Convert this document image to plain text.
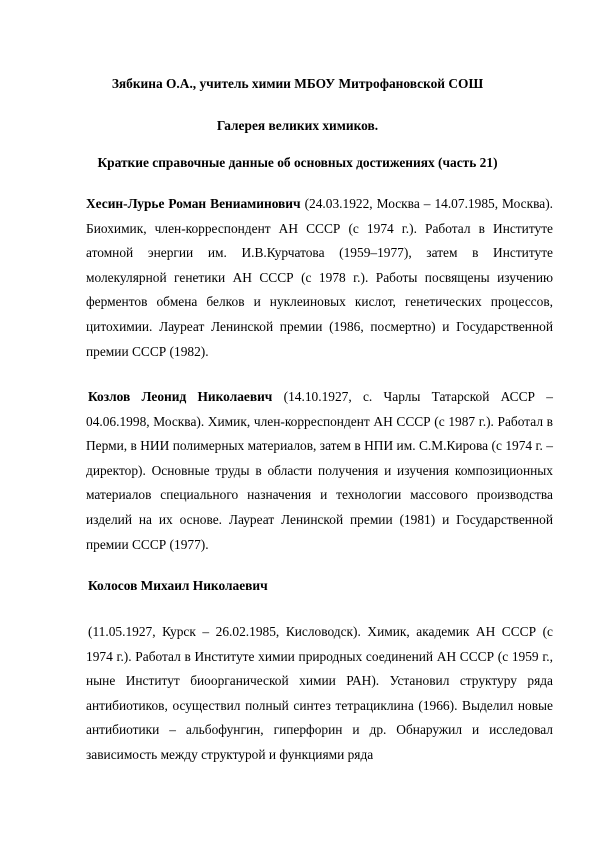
Зябкина О.А., учитель химии МБОУ Митрофановской СОШ
Галерея великих химиков.
Краткие справочные данные об основных достижениях (часть 21)
Хесин-Лурье Роман Вениаминович (24.03.1922, Москва – 14.07.1985, Москва). Биохимик, член-корреспондент АН СССР (с 1974 г.). Работал в Институте атомной энергии им. И.В.Курчатова (1959–1977), затем в Институте молекулярной генетики АН СССР (с 1978 г.). Работы посвящены изучению ферментов обмена белков и нуклеиновых кислот, генетических процессов, цитохимии. Лауреат Ленинской премии (1986, посмертно) и Государственной премии СССР (1982).
Козлов Леонид Николаевич (14.10.1927, с. Чарлы Татарской АССР – 04.06.1998, Москва). Химик, член-корреспондент АН СССР (с 1987 г.). Работал в Перми, в НИИ полимерных материалов, затем в НПИ им. С.М.Кирова (с 1974 г. – директор). Основные труды в области получения и изучения композиционных материалов специального назначения и технологии массового производства изделий на их основе. Лауреат Ленинской премии (1981) и Государственной премии СССР (1977).
Колосов Михаил Николаевич
(11.05.1927, Курск – 26.02.1985, Кисловодск). Химик, академик АН СССР (с 1974 г.). Работал в Институте химии природных соединений АН СССР (с 1959 г., ныне Институт биоорганической химии РАН). Установил структуру ряда антибиотиков, осуществил полный синтез тетрациклина (1966). Выделил новые антибиотики – альбофунгин, гиперфорин и др. Обнаружил и исследовал зависимость между структурой и функциями ряда
